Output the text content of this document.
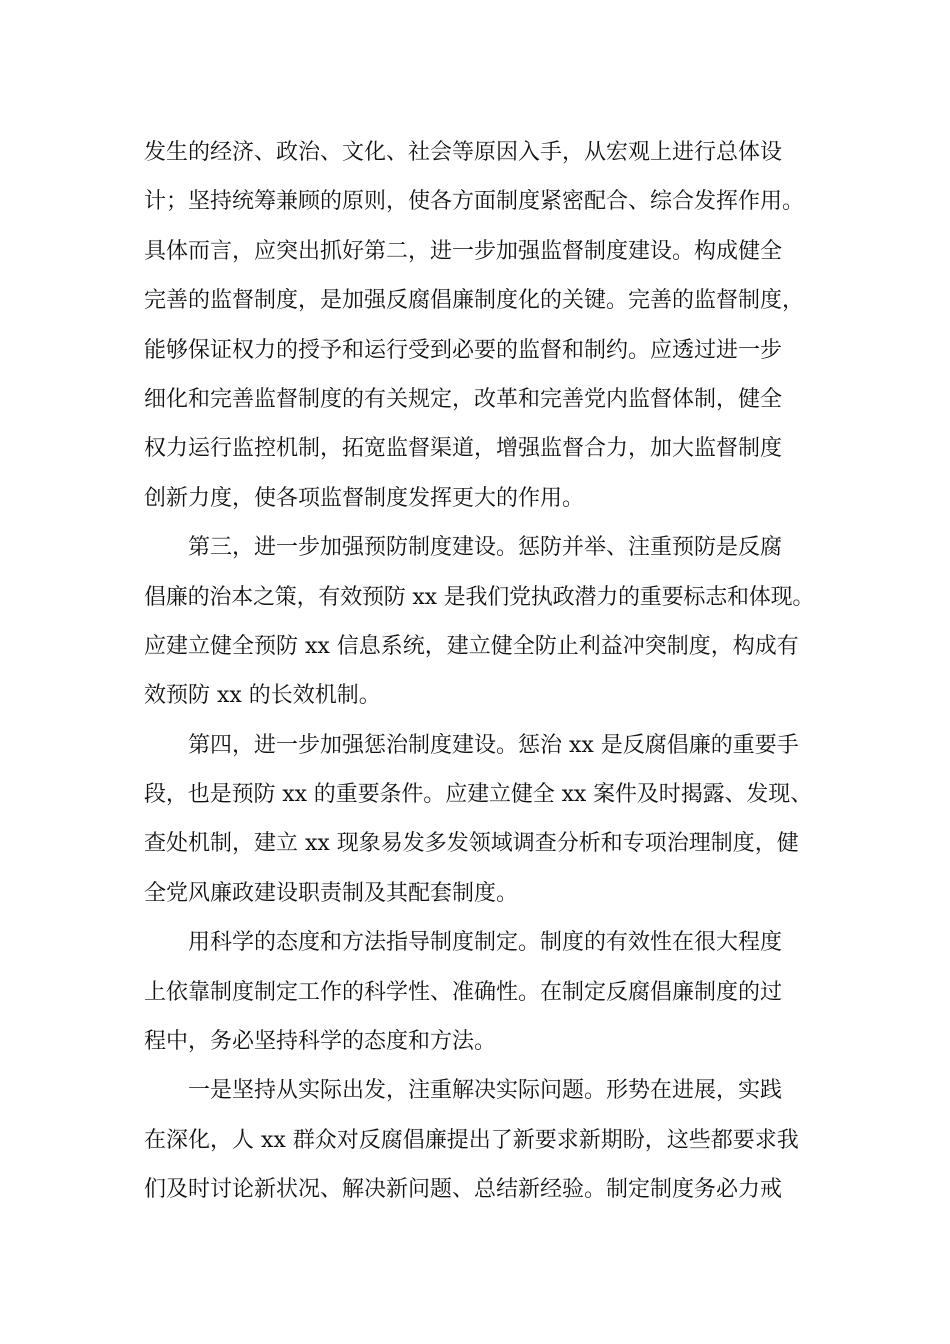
发生的经济、政治、文化、社会等原因入手，从宏观上进行总体设
计；坚持统筹兼顾的原则，使各方面制度紧密配合、综合发挥作用。
具体而言，应突出抓好第二，进一步加强监督制度建设。构成健全
完善的监督制度，是加强反腐倡廉制度化的关键。完善的监督制度，
能够保证权力的授予和运行受到必要的监督和制约。应透过进一步
细化和完善监督制度的有关规定，改革和完善党内监督体制，健全
权力运行监控机制，拓宽监督渠道，增强监督合力，加大监督制度
创新力度，使各项监督制度发挥更大的作用。
第三，进一步加强预防制度建设。惩防并举、注重预防是反腐
倡廉的治本之策，有效预防 xx 是我们党执政潜力的重要标志和体现。
应建立健全预防 xx 信息系统，建立健全防止利益冲突制度，构成有
效预防 xx 的长效机制。
第四，进一步加强惩治制度建设。惩治 xx 是反腐倡廉的重要手
段，也是预防 xx 的重要条件。应建立健全 xx 案件及时揭露、发现、
查处机制，建立 xx 现象易发多发领域调查分析和专项治理制度，健
全党风廉政建设职责制及其配套制度。
用科学的态度和方法指导制度制定。制度的有效性在很大程度
上依靠制度制定工作的科学性、准确性。在制定反腐倡廉制度的过
程中，务必坚持科学的态度和方法。
一是坚持从实际出发，注重解决实际问题。形势在进展，实践
在深化，人 xx 群众对反腐倡廉提出了新要求新期盼，这些都要求我
们及时讨论新状况、解决新问题、总结新经验。制定制度务必力戒
